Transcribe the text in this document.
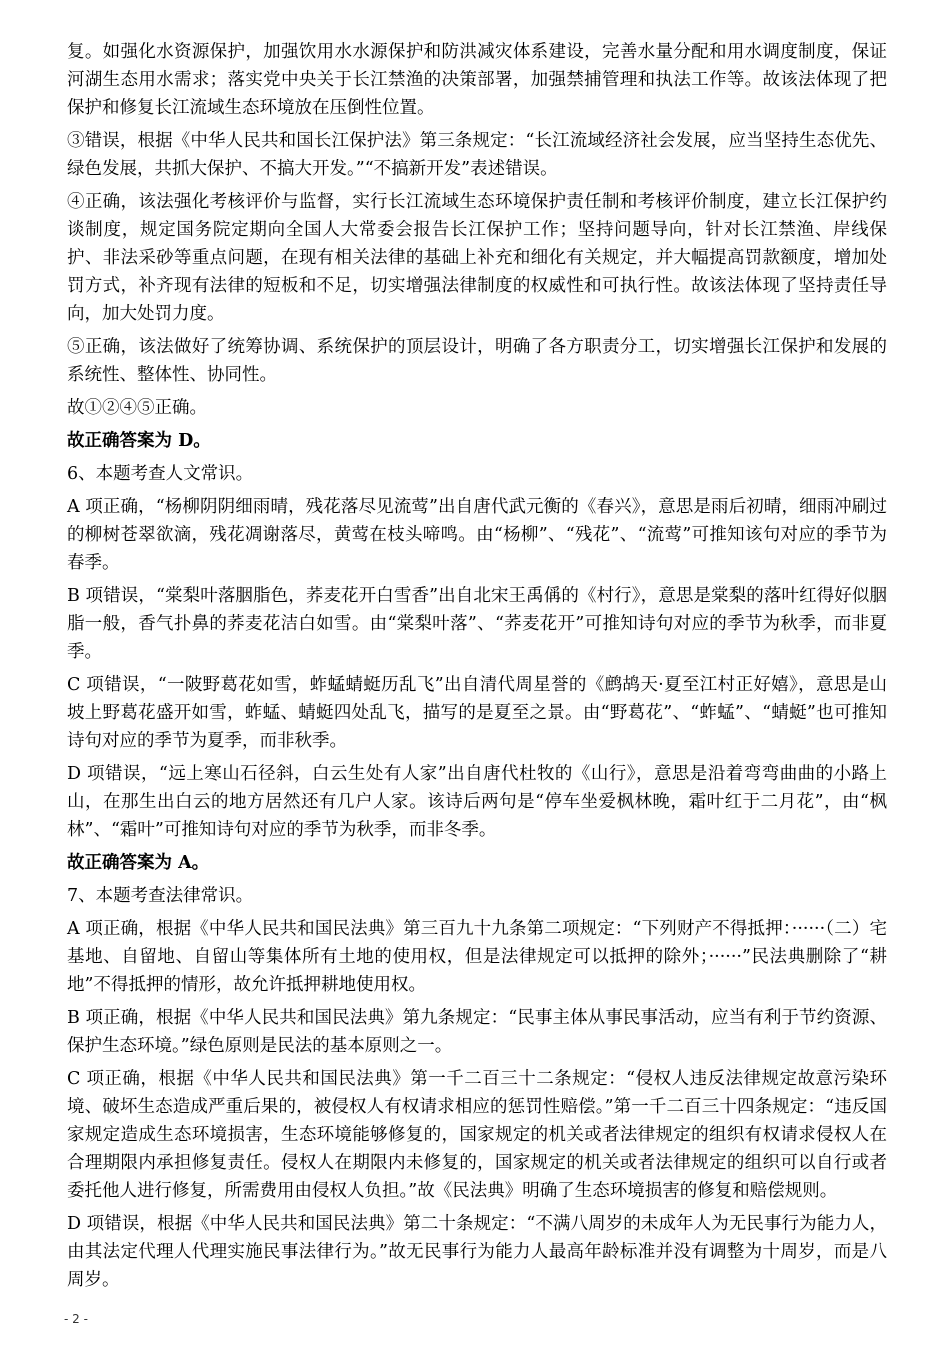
复。如强化水资源保护，加强饮用水水源保护和防洪减灾体系建设，完善水量分配和用水调度制度，保证河湖生态用水需求；落实党中央关于长江禁渔的决策部署，加强禁捕管理和执法工作等。故该法体现了把保护和修复长江流域生态环境放在压倒性位置。

③错误，根据《中华人民共和国长江保护法》第三条规定：“长江流域经济社会发展，应当坚持生态优先、绿色发展，共抓大保护、不搞大开发。”“不搞新开发”表述错误。

④正确，该法强化考核评价与监督，实行长江流域生态环境保护责任制和考核评价制度，建立长江保护约谈制度，规定国务院定期向全国人大常委会报告长江保护工作；坚持问题导向，针对长江禁渔、岸线保护、非法采砂等重点问题，在现有相关法律的基础上补充和细化有关规定，并大幅提高罚款额度，增加处罚方式，补齐现有法律的短板和不足，切实增强法律制度的权威性和可执行性。故该法体现了坚持责任导向，加大处罚力度。

⑤正确，该法做好了统筹协调、系统保护的顶层设计，明确了各方职责分工，切实增强长江保护和发展的系统性、整体性、协同性。

故①②④⑤正确。

故正确答案为 D。

6、本题考查人文常识。

A 项正确，“杨柳阴阴细雨晴，残花落尽见流莺”出自唐代武元衡的《春兴》，意思是雨后初晴，细雨冲刷过的柳树苍翠欲滴，残花凋谢落尽，黄莺在枝头啼鸣。由“杨柳”、“残花”、“流莺”可推知该句对应的季节为春季。

B 项错误，“棠梨叶落胭脂色，荞麦花开白雪香”出自北宋王禹偁的《村行》，意思是棠梨的落叶红得好似胭脂一般，香气扑鼻的荞麦花洁白如雪。由“棠梨叶落”、“荞麦花开”可推知诗句对应的季节为秋季，而非夏季。

C 项错误，“一陂野葛花如雪，蚱蜢蜻蜓历乱飞”出自清代周星誉的《鹧鸪天·夏至江村正好嬉》，意思是山坡上野葛花盛开如雪，蚱蜢、蜻蜓四处乱飞，描写的是夏至之景。由“野葛花”、“蚱蜢”、“蜻蜓”也可推知诗句对应的季节为夏季，而非秋季。

D 项错误，“远上寒山石径斜，白云生处有人家”出自唐代杜牧的《山行》，意思是沿着弯弯曲曲的小路上山，在那生出白云的地方居然还有几户人家。该诗后两句是“停车坐爱枫林晚，霜叶红于二月花”，由“枫林”、“霜叶”可推知诗句对应的季节为秋季，而非冬季。

故正确答案为 A。

7、本题考查法律常识。

A 项正确，根据《中华人民共和国民法典》第三百九十九条第二项规定：“下列财产不得抵押：······（二）宅基地、自留地、自留山等集体所有土地的使用权，但是法律规定可以抵押的除外；······”民法典删除了“耕地”不得抵押的情形，故允许抵押耕地使用权。

B 项正确，根据《中华人民共和国民法典》第九条规定：“民事主体从事民事活动，应当有利于节约资源、保护生态环境。”绿色原则是民法的基本原则之一。

C 项正确，根据《中华人民共和国民法典》第一千二百三十二条规定：“侵权人违反法律规定故意污染环境、破坏生态造成严重后果的，被侵权人有权请求相应的惩罚性赔偿。”第一千二百三十四条规定：“违反国家规定造成生态环境损害，生态环境能够修复的，国家规定的机关或者法律规定的组织有权请求侵权人在合理期限内承担修复责任。侵权人在期限内未修复的，国家规定的机关或者法律规定的组织可以自行或者委托他人进行修复，所需费用由侵权人负担。”故《民法典》明确了生态环境损害的修复和赔偿规则。

D 项错误，根据《中华人民共和国民法典》第二十条规定：“不满八周岁的未成年人为无民事行为能力人，由其法定代理人代理实施民事法律行为。”故无民事行为能力人最高年龄标准并没有调整为十周岁，而是八周岁。

- 2 -
